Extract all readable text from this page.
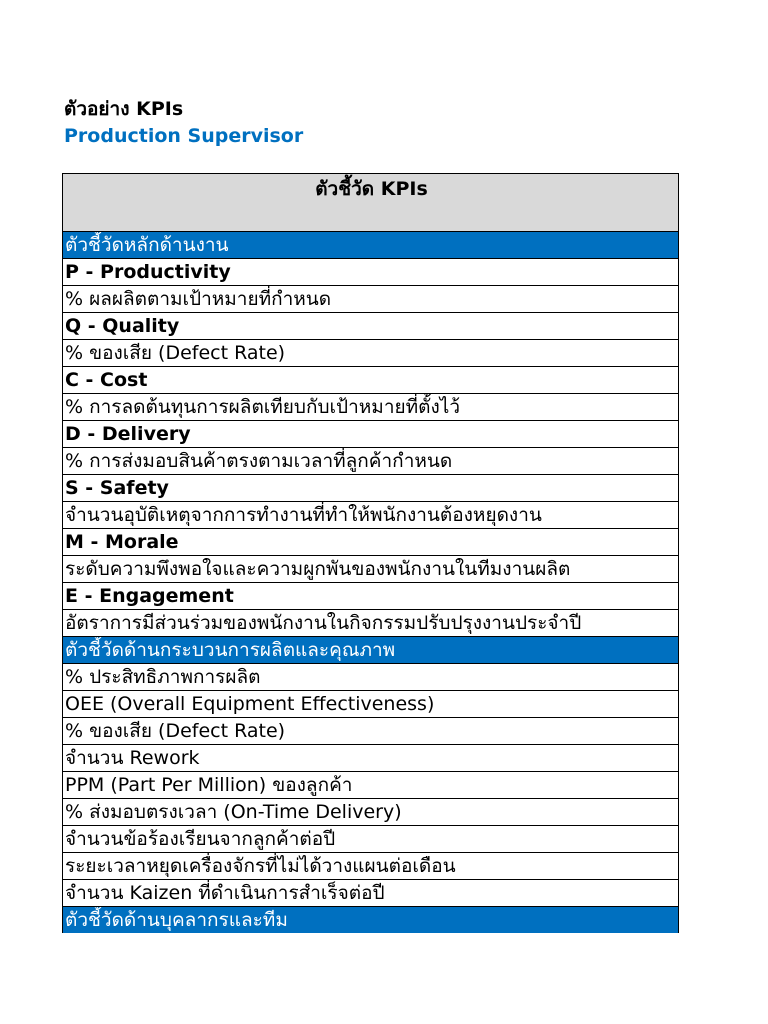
ตัวอย่าง KPIs
Production Supervisor
ตัวชี้วัด KPIs
ตัวชี้วัดหลักด้านงาน
P - Productivity
% ผลผลิตตามเป้าหมายที่กำหนด
Q - Quality
% ของเสีย (Defect Rate)
C - Cost
% การลดต้นทุนการผลิตเทียบกับเป้าหมายที่ตั้งไว้
D - Delivery
% การส่งมอบสินค้าตรงตามเวลาที่ลูกค้ากำหนด
S - Safety
จำนวนอุบัติเหตุจากการทำงานที่ทำให้พนักงานต้องหยุดงาน
M - Morale
ระดับความพึงพอใจและความผูกพันของพนักงานในทีมงานผลิต
E - Engagement
อัตราการมีส่วนร่วมของพนักงานในกิจกรรมปรับปรุงงานประจำปี
ตัวชี้วัดด้านกระบวนการผลิตและคุณภาพ
% ประสิทธิภาพการผลิต
OEE (Overall Equipment Effectiveness)
% ของเสีย (Defect Rate)
จำนวน Rework
PPM (Part Per Million) ของลูกค้า
% ส่งมอบตรงเวลา (On-Time Delivery)
จำนวนข้อร้องเรียนจากลูกค้าต่อปี
ระยะเวลาหยุดเครื่องจักรที่ไม่ได้วางแผนต่อเดือน
จำนวน Kaizen ที่ดำเนินการสำเร็จต่อปี
ตัวชี้วัดด้านบุคลากรและทีม
